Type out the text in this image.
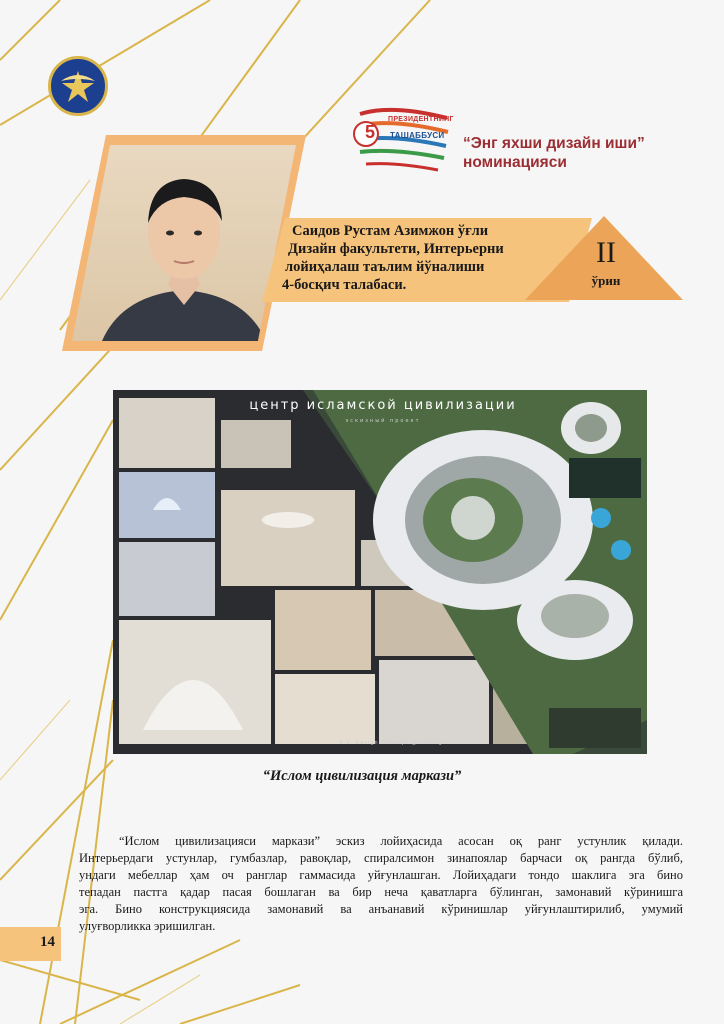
5
ПРЕЗИДЕНТНИНГ
ТАШАББУСИ “Энг яхши дизайн иши”
номинацияси
Саидов Рустам Азимжон ўғли
Дизайн факультети, Интерьерни
лойиҳалаш таълим йўналиши
4-босқич талабаси.
II
ўрин
центр исламской цивилизации
эскизный проект
R.S. Design Concept @rsdesign
“Ислом цивилизация маркази”
“Ислом цивилизацияси маркази” эскиз лойиҳасида асосан оқ ранг устунлик қилади.
Интерьердаги устунлар, гумбазлар, равоқлар, спиралсимон зинапоялар барчаси оқ рангда бўлиб,
ундаги мебеллар ҳам оч ранглар гаммасида уйғунлашган. Лойиҳадаги тондо шаклига эга бино
тепадан пастга қадар пасая бошлаган ва бир неча қаватларга бўлинган, замонавий кўринишга
эга. Бино конструкциясида замонавий ва анъанавий кўринишлар уйғунлаштирилиб, умумий
улуғворликка эришилган.
14
